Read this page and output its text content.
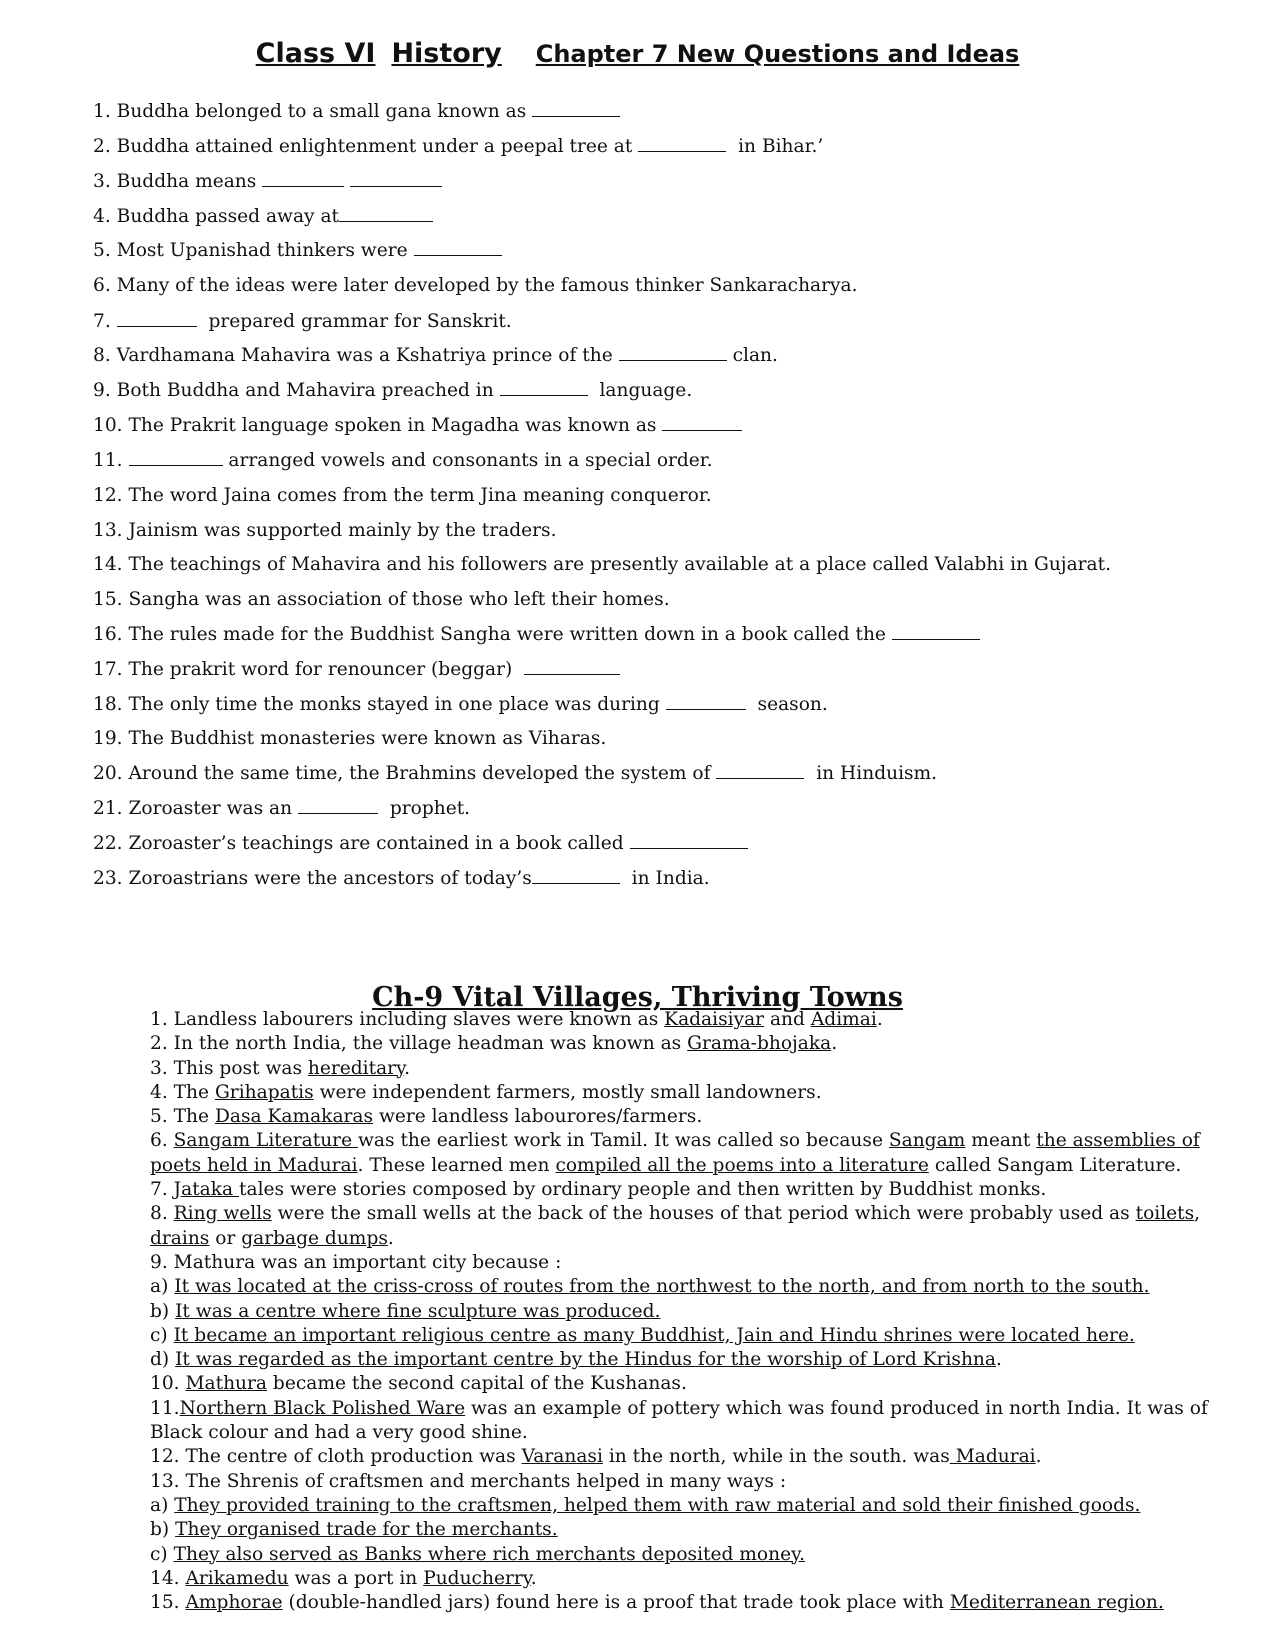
Class VI History Chapter 7 New Questions and Ideas
1. Buddha belonged to a small gana known as
2. Buddha attained enlightenment under a peepal tree at	in Bihar.’
3. Buddha means
4. Buddha passed away at
5. Most Upanishad thinkers were
6. Many of the ideas were later developed by the famous thinker Sankaracharya.
7.	prepared grammar for Sanskrit.
8. Vardhamana Mahavira was a Kshatriya prince of the	clan.
9. Both Buddha and Mahavira preached in	language.
10. The Prakrit language spoken in Magadha was known as
11.	arranged vowels and consonants in a special order.
12. The word Jaina comes from the term Jina meaning conqueror.
13. Jainism was supported mainly by the traders.
14. The teachings of Mahavira and his followers are presently available at a place called Valabhi in Gujarat.
15. Sangha was an association of those who left their homes.
16. The rules made for the Buddhist Sangha were written down in a book called the
17. The prakrit word for renouncer (beggar)
18. The only time the monks stayed in one place was during	season.
19. The Buddhist monasteries were known as Viharas.
20. Around the same time, the Brahmins developed the system of	in Hinduism.
21. Zoroaster was an	prophet.
22. Zoroaster’s teachings are contained in a book called
23. Zoroastrians were the ancestors of today’s	in India.
Ch-9 Vital Villages, Thriving Towns
1. Landless labourers including slaves were known as Kadaisiyar and Adimai.
2. In the north India, the village headman was known as Grama-bhojaka.
3. This post was hereditary.
4. The Grihapatis were independent farmers, mostly small landowners.
5. The Dasa Kamakaras were landless labourores/farmers.
6. Sangam Literature was the earliest work in Tamil. It was called so because Sangam meant the assemblies of
poets held in Madurai. These learned men compiled all the poems into a literature called Sangam Literature.
7. Jataka tales were stories composed by ordinary people and then written by Buddhist monks.
8. Ring wells were the small wells at the back of the houses of that period which were probably used as toilets,
drains or garbage dumps.
9. Mathura was an important city because :
a) It was located at the criss-cross of routes from the northwest to the north, and from north to the south.
b) It was a centre where fine sculpture was produced.
c) It became an important religious centre as many Buddhist, Jain and Hindu shrines were located here.
d) It was regarded as the important centre by the Hindus for the worship of Lord Krishna.
10. Mathura became the second capital of the Kushanas.
11.Northern Black Polished Ware was an example of pottery which was found produced in north India. It was of
Black colour and had a very good shine.
12. The centre of cloth production was Varanasi in the north, while in the south. was Madurai.
13. The Shrenis of craftsmen and merchants helped in many ways :
a) They provided training to the craftsmen, helped them with raw material and sold their finished goods.
b) They organised trade for the merchants.
c) They also served as Banks where rich merchants deposited money.
14. Arikamedu was a port in Puducherry.
15. Amphorae (double-handled jars) found here is a proof that trade took place with Mediterranean region.
